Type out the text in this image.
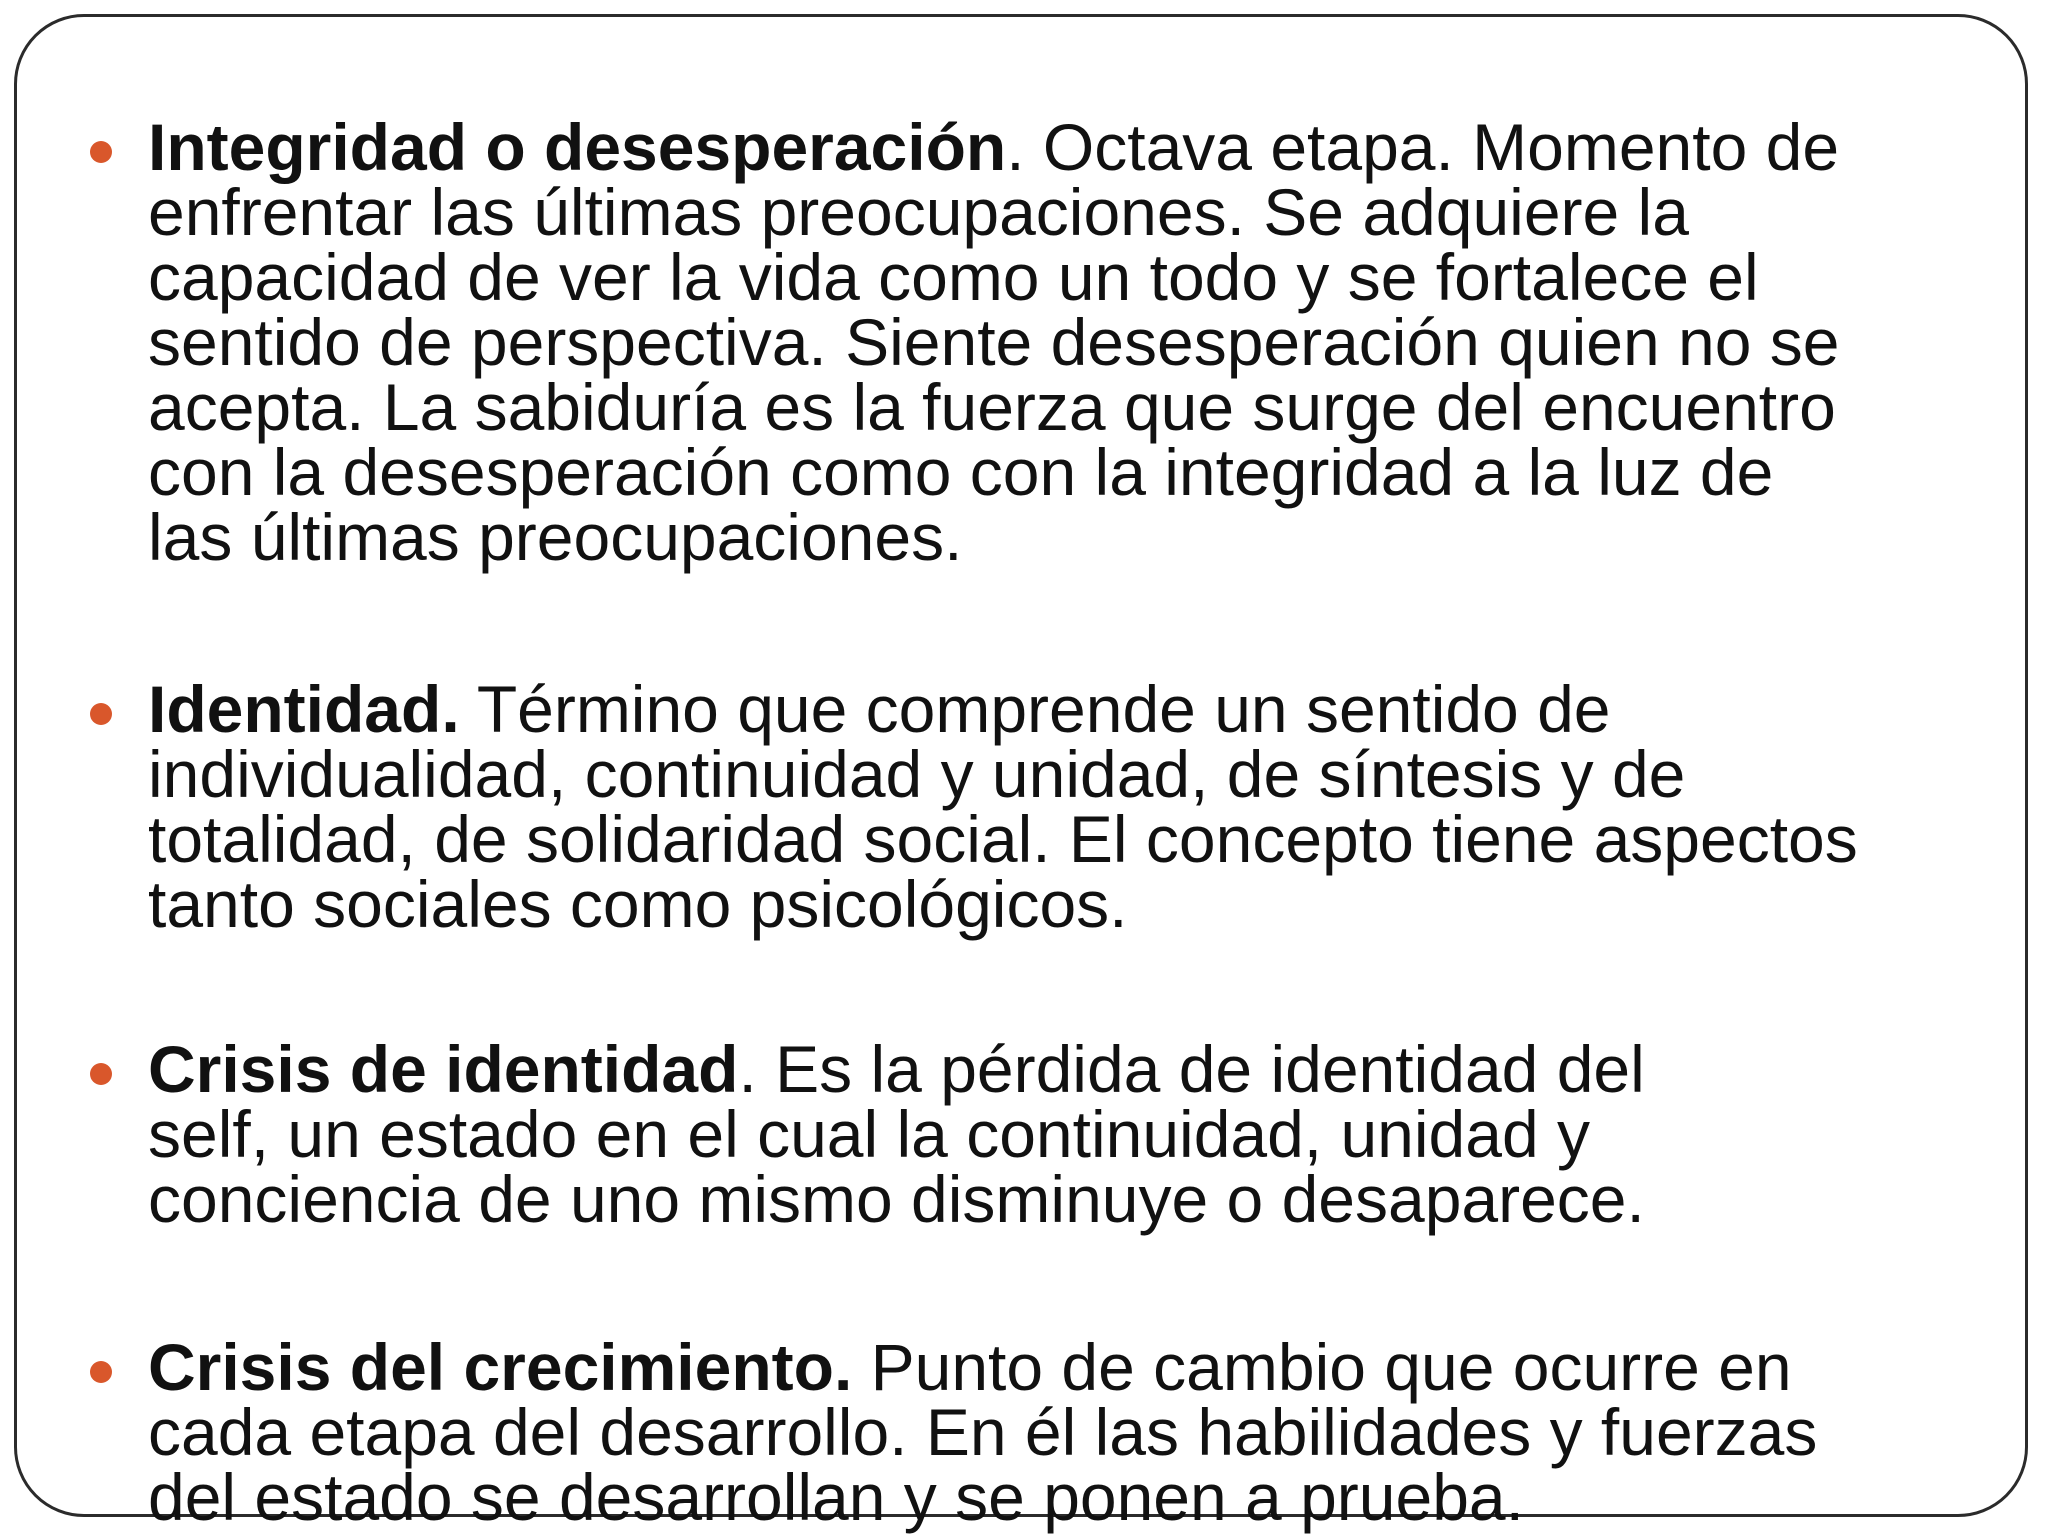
Integridad o desesperación. Octava etapa. Momento de
enfrentar las últimas preocupaciones. Se adquiere la
capacidad de ver la vida como un todo y se fortalece el
sentido de perspectiva. Siente desesperación quien no se
acepta. La sabiduría es la fuerza que surge del encuentro
con la desesperación como con la integridad a la luz de
las últimas preocupaciones.

Identidad. Término que comprende un sentido de
individualidad, continuidad y unidad, de síntesis y de
totalidad, de solidaridad social. El concepto tiene aspectos
tanto sociales como psicológicos.

Crisis de identidad. Es la pérdida de identidad del
self, un estado en el cual la continuidad, unidad y
conciencia de uno mismo disminuye o desaparece.

Crisis del crecimiento. Punto de cambio que ocurre en
cada etapa del desarrollo. En él las habilidades y fuerzas
del estado se desarrollan y se ponen a prueba.
